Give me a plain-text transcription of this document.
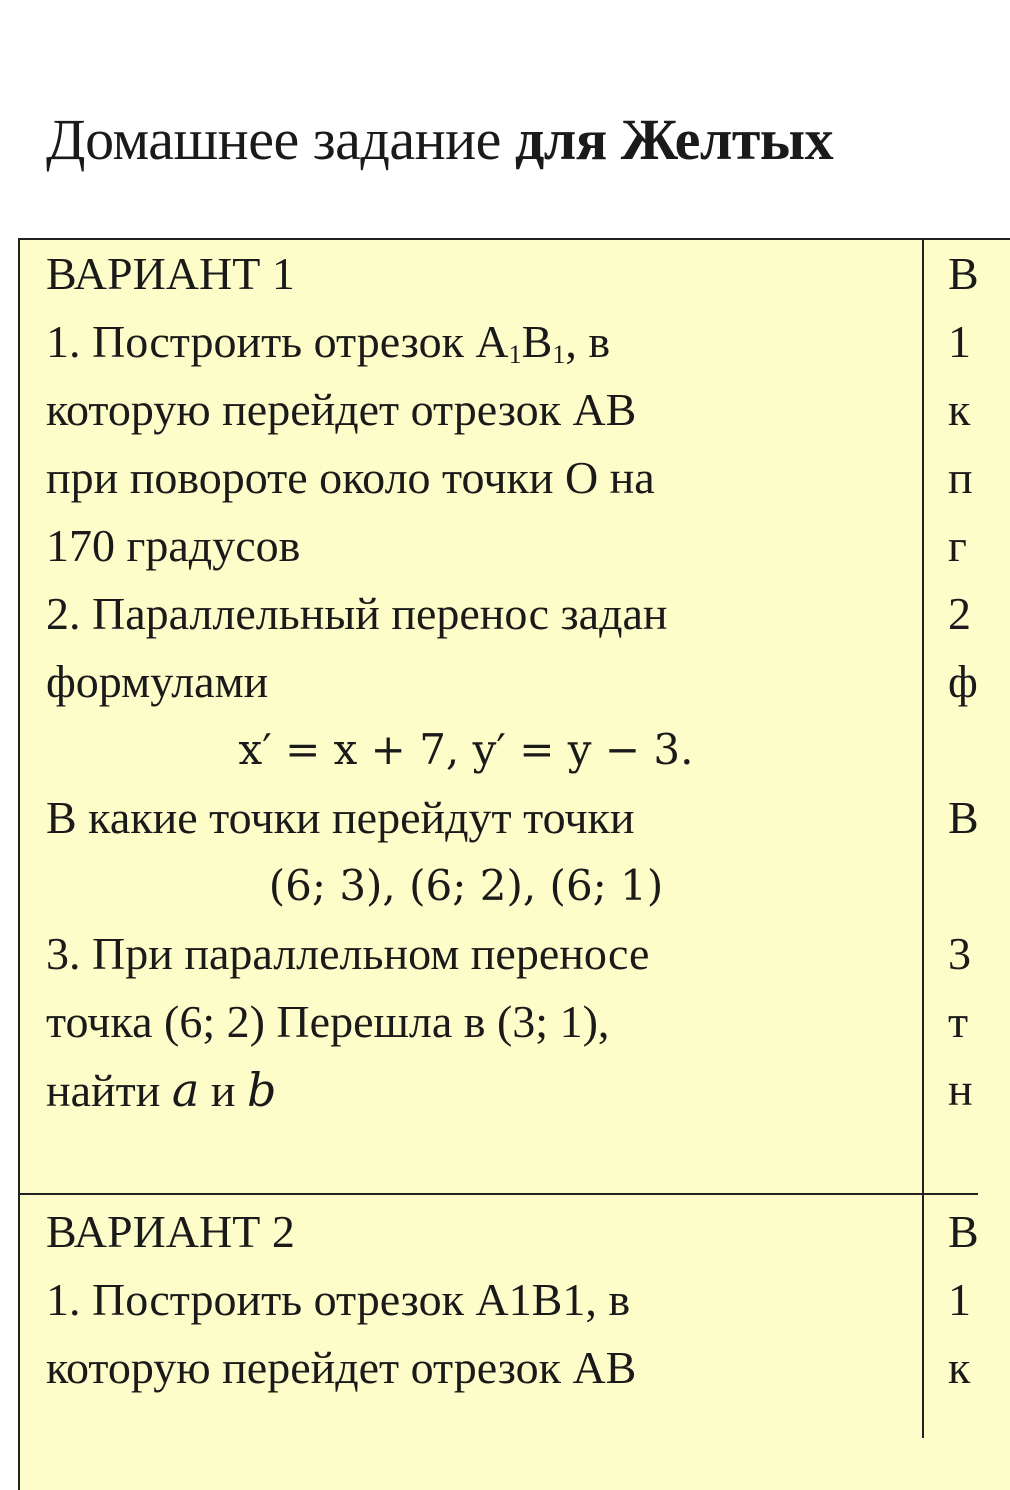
Домашнее задание для Желтых
ВАРИАНТ 1
1. Построить отрезок $A_1B_1$, в
которую перейдет отрезок AB
при повороте около точки О на
170 градусов
2. Параллельный перенос задан
формулами
x′ = x + 7, y′ = y − 3.
В какие точки перейдут точки
(6; 3), (6; 2), (6; 1)
3. При параллельном переносе
точка (6; 2) Перешла в (3; 1),
найти a и b
ВАРИАНТ 2
1. Построить отрезок A1B1, в
которую перейдет отрезок AB
В
1
к
п
г
2
ф
В
3
т
н
В
1
к
